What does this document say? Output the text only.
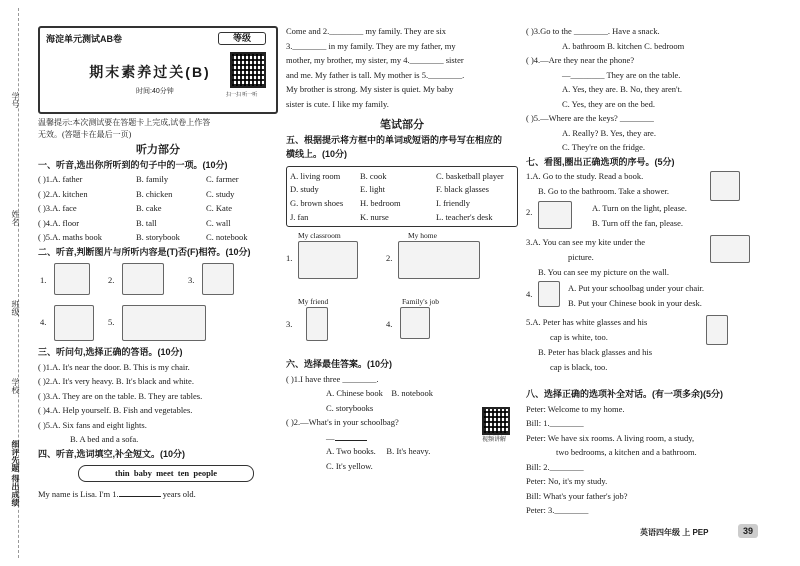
学号
姓名
班级
学校
细评先题 得出成绩
海淀单元测试AB卷	等级
期末素养过关(B)
时间:40分钟	扫一扫 听一听
温馨提示:本次测试要在答题卡上完成,试卷上作答
无效。(答题卡在最后一页)
听力部分
一、听音,选出你所听到的句子中的一项。(10分)
( )1.A. father	B. family	C. farmer
( )2.A. kitchen	B. chicken	C. study
( )3.A. face	B. cake	C. Kate
( )4.A. floor	B. tall	C. wall
( )5.A. maths book	B. storybook	C. notebook
二、听音,判断图片与所听内容是(T)否(F)相符。(10分)
1.	2.	3.
4.	5.
三、听问句,选择正确的答语。(10分)
( )1.A. It's near the door. B. This is my chair.
( )2.A. It's very heavy. B. It's black and white.
( )3.A. They are on the table. B. They are tables.
( )4.A. Help yourself. B. Fish and vegetables.
( )5.A. Six fans and eight lights.
B. A bed and a sofa.
四、听音,选词填空,补全短文。(10分)
thin  baby  meet  ten  people
My name is Lisa. I'm 1.	years old.
Come and 2.________ my family. They are six
3.________ in my family. They are my father, my
mother, my brother, my sister, my 4.________ sister
and me. My father is tall. My mother is 5.________.
My brother is strong. My sister is quiet. My baby
sister is cute. I like my family.
笔试部分
五、根据提示将方框中的单词或短语的序号写在相应的
横线上。(10分)
A. living room	B. cook	C. basketball player
D. study	E. light	F. black glasses
G. brown shoes	H. bedroom	I. friendly
J. fan	K. nurse	L. teacher's desk
My classroom
1.
My home
2.
My friend
3.
Family's job
4.
六、选择最佳答案。(10分)
( )1.I have three ________.
A. Chinese book B. notebook
C. storybooks
( )2.—What's in your schoolbag?
视频讲解
—
A. Two books. B. It's heavy.
C. It's yellow.
( )3.Go to the ________. Have a snack.
A. bathroom B. kitchen C. bedroom
( )4.—Are they near the phone?
—________ They are on the table.
A. Yes, they are. B. No, they aren't.
C. Yes, they are on the bed.
( )5.—Where are the keys? ________
A. Really? B. Yes, they are.
C. They're on the fridge.
七、看图,圈出正确选项的序号。(5分)
1.A. Go to the study. Read a book.
B. Go to the bathroom. Take a shower.
2.	A. Turn on the light, please.
B. Turn off the fan, please.
3.A. You can see my kite under the
picture.
B. You can see my picture on the wall.
4.
A. Put your schoolbag under your chair.
B. Put your Chinese book in your desk.
5.A. Peter has white glasses and his
cap is white, too.
B. Peter has black glasses and his
cap is black, too.
八、选择正确的选项补全对话。(有一项多余)(5分)
Peter: Welcome to my home.
Bill: 1.________
Peter: We have six rooms. A living room, a study,
two bedrooms, a kitchen and a bathroom.
Bill: 2.________
Peter: No, it's my study.
Bill: What's your father's job?
Peter: 3.________
英语四年级 上 PEP	39
